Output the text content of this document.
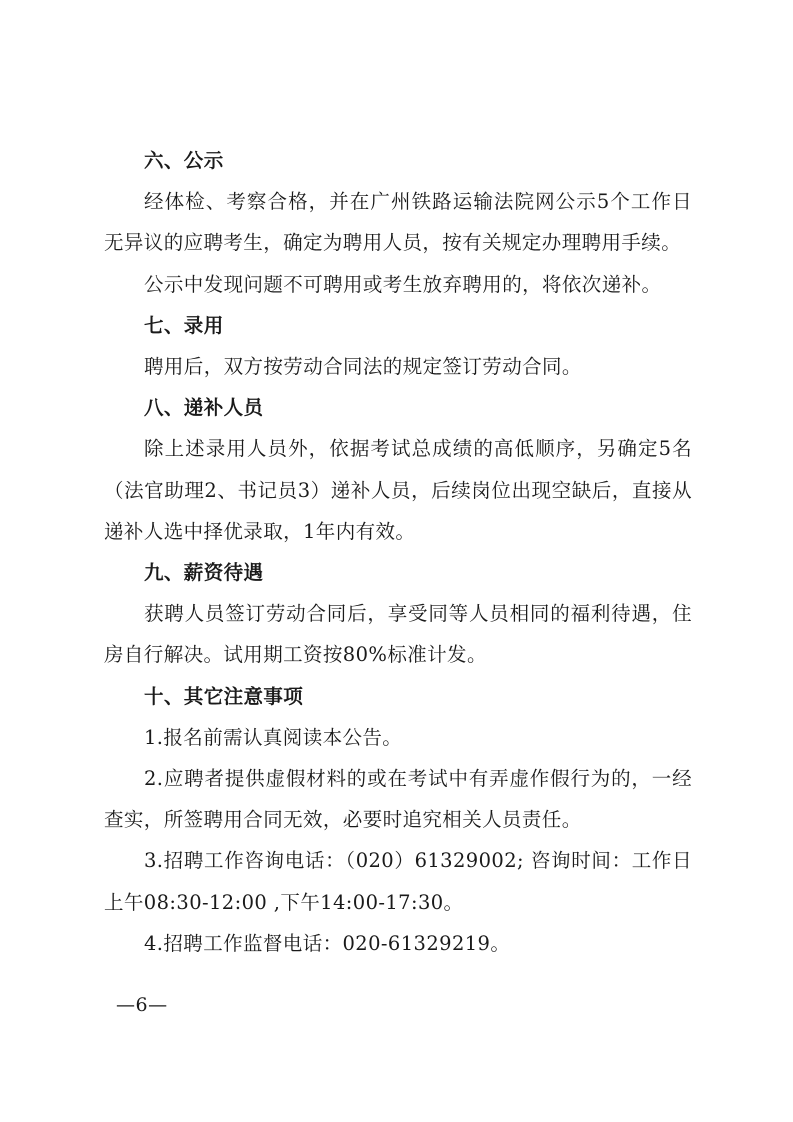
六、公示

经体检、考察合格，并在广州铁路运输法院网公示5个工作日无异议的应聘考生，确定为聘用人员，按有关规定办理聘用手续。

公示中发现问题不可聘用或考生放弃聘用的，将依次递补。

七、录用

聘用后，双方按劳动合同法的规定签订劳动合同。

八、递补人员

除上述录用人员外，依据考试总成绩的高低顺序，另确定5名（法官助理2、书记员3）递补人员，后续岗位出现空缺后，直接从递补人选中择优录取，1年内有效。

九、薪资待遇

获聘人员签订劳动合同后，享受同等人员相同的福利待遇，住房自行解决。试用期工资按80%标准计发。

十、其它注意事项

1.报名前需认真阅读本公告。

2.应聘者提供虚假材料的或在考试中有弄虚作假行为的，一经查实，所签聘用合同无效，必要时追究相关人员责任。

3.招聘工作咨询电话：（020）61329002; 咨询时间：工作日上午08:30-12:00 ,下午14:00-17:30。

4.招聘工作监督电话：020-61329219。

—6—
